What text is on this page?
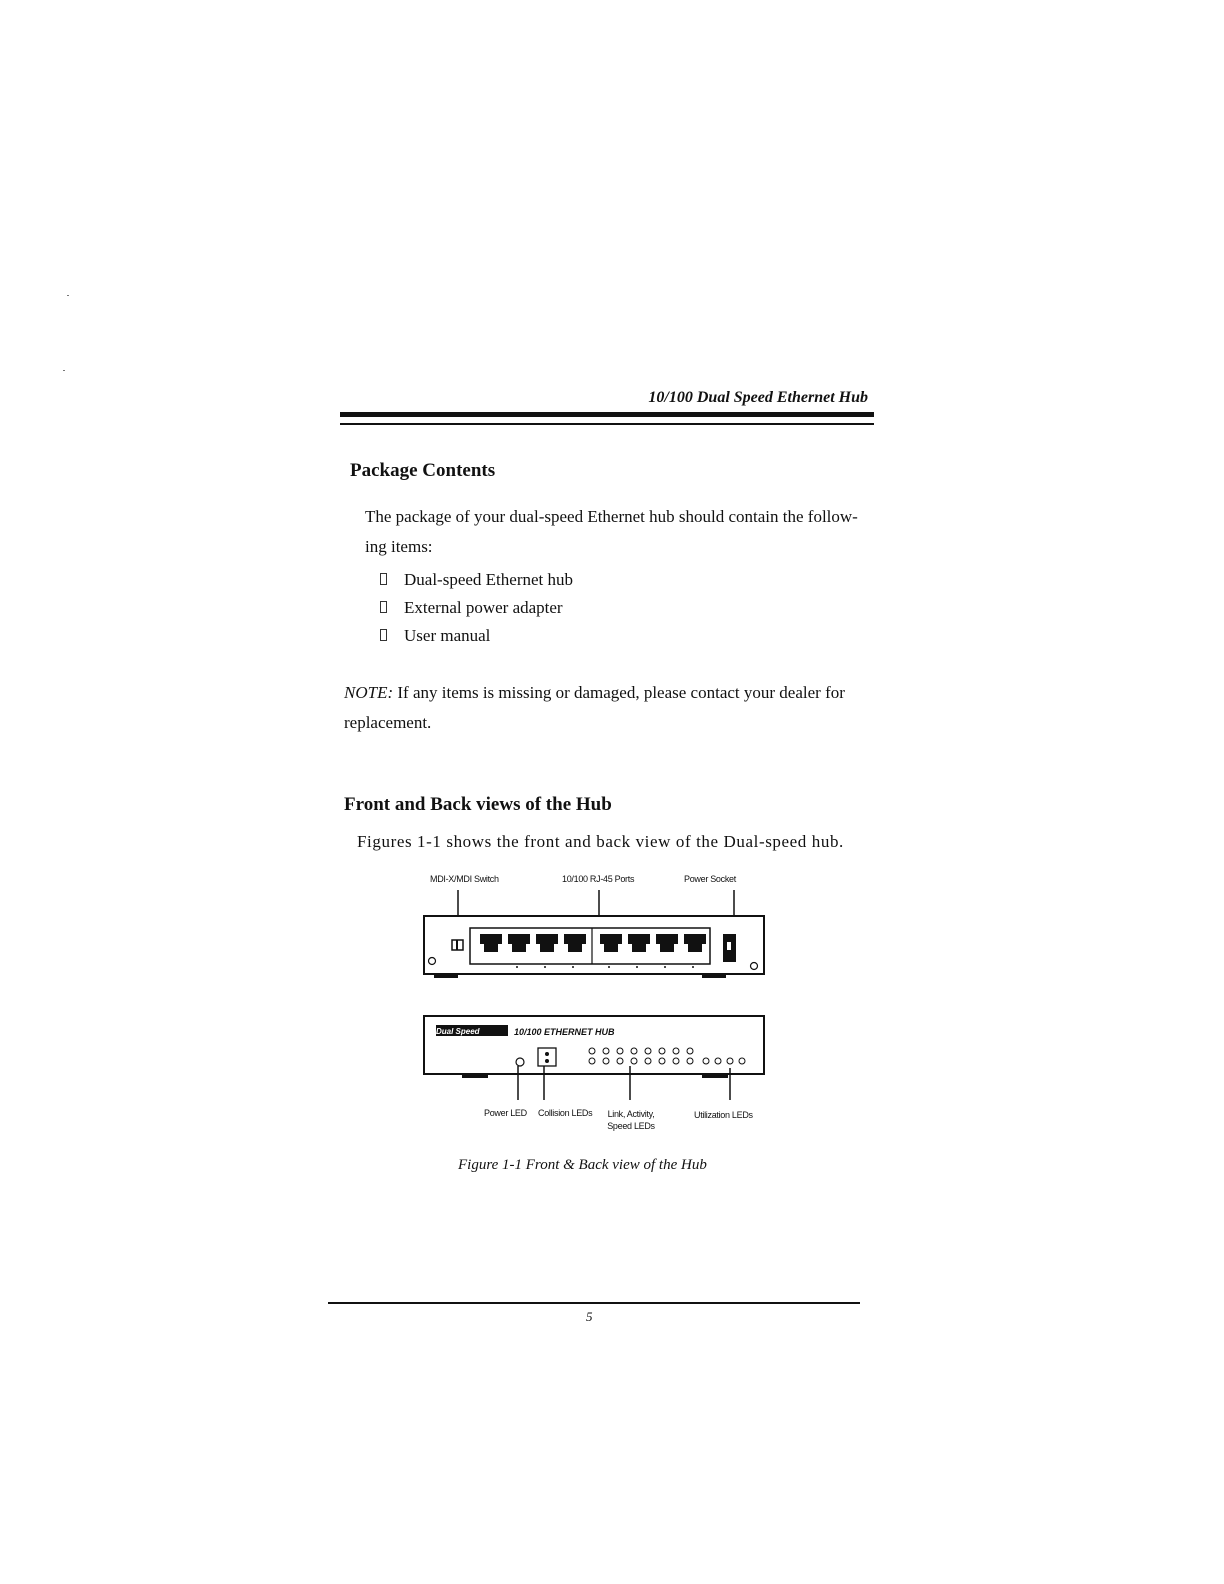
10/100 Dual Speed Ethernet Hub
Package Contents
The package of your dual-speed Ethernet hub should contain the follow- ing items:
Dual-speed Ethernet hub
External power adapter
User manual
NOTE: If any items is missing or damaged, please contact your dealer for replacement.
Front and Back views of the Hub
Figures 1-1 shows the front and back view of the Dual-speed hub.
MDI-X/MDI Switch	10/100 RJ-45 Ports	Power Socket
Dual Speed	10/100 ETHERNET HUB
Power LED Collision LEDs	Link, Activity, Speed LEDs
Utilization LEDs
Figure 1-1 Front & Back view of the Hub
5
